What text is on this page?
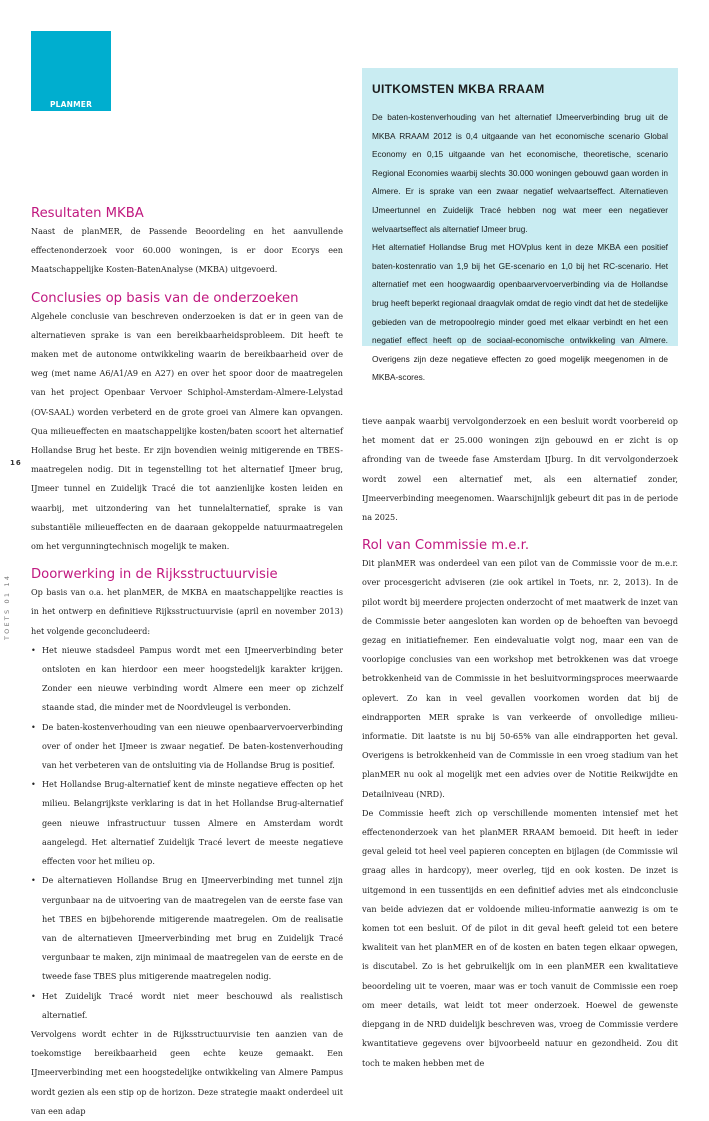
PLANMER
UITKOMSTEN MKBA RRAAM

De baten-kostenverhouding van het alternatief IJmeerverbinding brug uit de MKBA RRAAM 2012 is 0,4 uitgaande van het economische scenario Global Economy en 0,15 uitgaande van het economische, theoretische, scenario Regional Economies waarbij slechts 30.000 woningen gebouwd gaan worden in Almere. Er is sprake van een zwaar negatief welvaartseffect. Alternatieven IJmeertunnel en Zuidelijk Tracé hebben nog wat meer een negatiever welvaartseffect als alternatief IJmeer brug.

Het alternatief Hollandse Brug met HOVplus kent in deze MKBA een positief baten-kostenratio van 1,9 bij het GE-scenario en 1,0 bij het RC-scenario. Het alternatief met een hoogwaardig openbaarvervoerverbinding via de Hollandse brug heeft beperkt regionaal draagvlak omdat de regio vindt dat het de stedelijke gebieden van de metropoolregio minder goed met elkaar verbindt en het een negatief effect heeft op de sociaal-economische ontwikkeling van Almere. Overigens zijn deze negatieve effecten zo goed mogelijk meegenomen in de MKBA-scores.

16
TOETS 01 14
Resultaten MKBA

Naast de planMER, de Passende Beoordeling en het aanvullende effectenonderzoek voor 60.000 woningen, is er door Ecorys een Maatschappelijke Kosten-BatenAnalyse (MKBA) uitgevoerd.

Conclusies op basis van de onderzoeken

Algehele conclusie van beschreven onderzoeken is dat er in geen van de alternatieven sprake is van een bereikbaarheidsprobleem. Dit heeft te maken met de autonome ontwikkeling waarin de bereikbaarheid over de weg (met name A6/A1/A9 en A27) en over het spoor door de maatregelen van het project Openbaar Vervoer Schiphol-Amsterdam-Almere-Lelystad (OV-SAAL) worden verbeterd en de grote groei van Almere kan opvangen. Qua milieueffecten en maatschappelijke kosten/baten scoort het alternatief Hollandse Brug het beste. Er zijn bovendien weinig mitigerende en TBES-maatregelen nodig. Dit in tegenstelling tot het alternatief IJmeer brug, IJmeer tunnel en Zuidelijk Tracé die tot aanzienlijke kosten leiden en waarbij, met uitzondering van het tunnelalternatief, sprake is van substantiële milieueffecten en de daaraan gekoppelde natuurmaatregelen om het vergunningtechnisch mogelijk te maken.

Doorwerking in de Rijksstructuurvisie

Op basis van o.a. het planMER, de MKBA en maatschappelijke reacties is in het ontwerp en definitieve Rijksstructuurvisie (april en november 2013) het volgende geconcludeerd:

• Het nieuwe stadsdeel Pampus wordt met een IJmeerverbinding beter ontsloten en kan hierdoor een meer hoogstedelijk karakter krijgen. Zonder een nieuwe verbinding wordt Almere een meer op zichzelf staande stad, die minder met de Noordvleugel is verbonden.
• De baten-kostenverhouding van een nieuwe openbaarvervoerverbinding over of onder het IJmeer is zwaar negatief. De baten-kostenverhouding van het verbeteren van de ontsluiting via de Hollandse Brug is positief.
• Het Hollandse Brug-alternatief kent de minste negatieve effecten op het milieu. Belangrijkste verklaring is dat in het Hollandse Brug-alternatief geen nieuwe infrastructuur tussen Almere en Amsterdam wordt aangelegd. Het alternatief Zuidelijk Tracé levert de meeste negatieve effecten voor het milieu op.
• De alternatieven Hollandse Brug en IJmeerverbinding met tunnel zijn vergunbaar na de uitvoering van de maatregelen van de eerste fase van het TBES en bijbehorende mitigerende maatregelen. Om de realisatie van de alternatieven IJmeerverbinding met brug en Zuidelijk Tracé vergunbaar te maken, zijn minimaal de maatregelen van de eerste en de tweede fase TBES plus mitigerende maatregelen nodig.
• Het Zuidelijk Tracé wordt niet meer beschouwd als realistisch alternatief.

Vervolgens wordt echter in de Rijksstructuurvisie ten aanzien van de toekomstige bereikbaarheid geen echte keuze gemaakt. Een IJmeerverbinding met een hoogstedelijke ontwikkeling van Almere Pampus wordt gezien als een stip op de horizon. Deze strategie maakt onderdeel uit van een adap

tieve aanpak waarbij vervolgonderzoek en een besluit wordt voorbereid op het moment dat er 25.000 woningen zijn gebouwd en er zicht is op afronding van de tweede fase Amsterdam IJburg. In dit vervolgonderzoek wordt zowel een alternatief met, als een alternatief zonder, IJmeerverbinding meegenomen. Waarschijnlijk gebeurt dit pas in de periode na 2025.

Rol van Commissie m.e.r.

Dit planMER was onderdeel van een pilot van de Commissie voor de m.e.r. over procesgericht adviseren (zie ook artikel in Toets, nr. 2, 2013). In de pilot wordt bij meerdere projecten onderzocht of met maatwerk de inzet van de Commissie beter aangesloten kan worden op de behoeften van bevoegd gezag en initiatiefnemer. Een eindevaluatie volgt nog, maar een van de voorlopige conclusies van een workshop met betrokkenen was dat vroege betrokkenheid van de Commissie in het besluitvormingsproces meerwaarde oplevert. Zo kan in veel gevallen voorkomen worden dat bij de eindrapporten MER sprake is van verkeerde of onvolledige milieu-informatie. Dit laatste is nu bij 50-65% van alle eindrapporten het geval. Overigens is betrokkenheid van de Commissie in een vroeg stadium van het planMER nu ook al mogelijk met een advies over de Notitie Reikwijdte en Detailniveau (NRD).

De Commissie heeft zich op verschillende momenten intensief met het effectenonderzoek van het planMER RRAAM bemoeid. Dit heeft in ieder geval geleid tot heel veel papieren concepten en bijlagen (de Commissie wil graag alles in hardcopy), meer overleg, tijd en ook kosten. De inzet is uitgemond in een tussentijds en een definitief advies met als eindconclusie van beide adviezen dat er voldoende milieu-informatie aanwezig is om te komen tot een besluit. Of de pilot in dit geval heeft geleid tot een betere kwaliteit van het planMER en of de kosten en baten tegen elkaar opwegen, is discutabel. Zo is het gebruikelijk om in een planMER een kwalitatieve beoordeling uit te voeren, maar was er toch vanuit de Commissie een roep om meer details, wat leidt tot meer onderzoek. Hoewel de gewenste diepgang in de NRD duidelijk beschreven was, vroeg de Commissie verdere kwantitatieve gegevens over bijvoorbeeld natuur en gezondheid. Zou dit toch te maken hebben met de
